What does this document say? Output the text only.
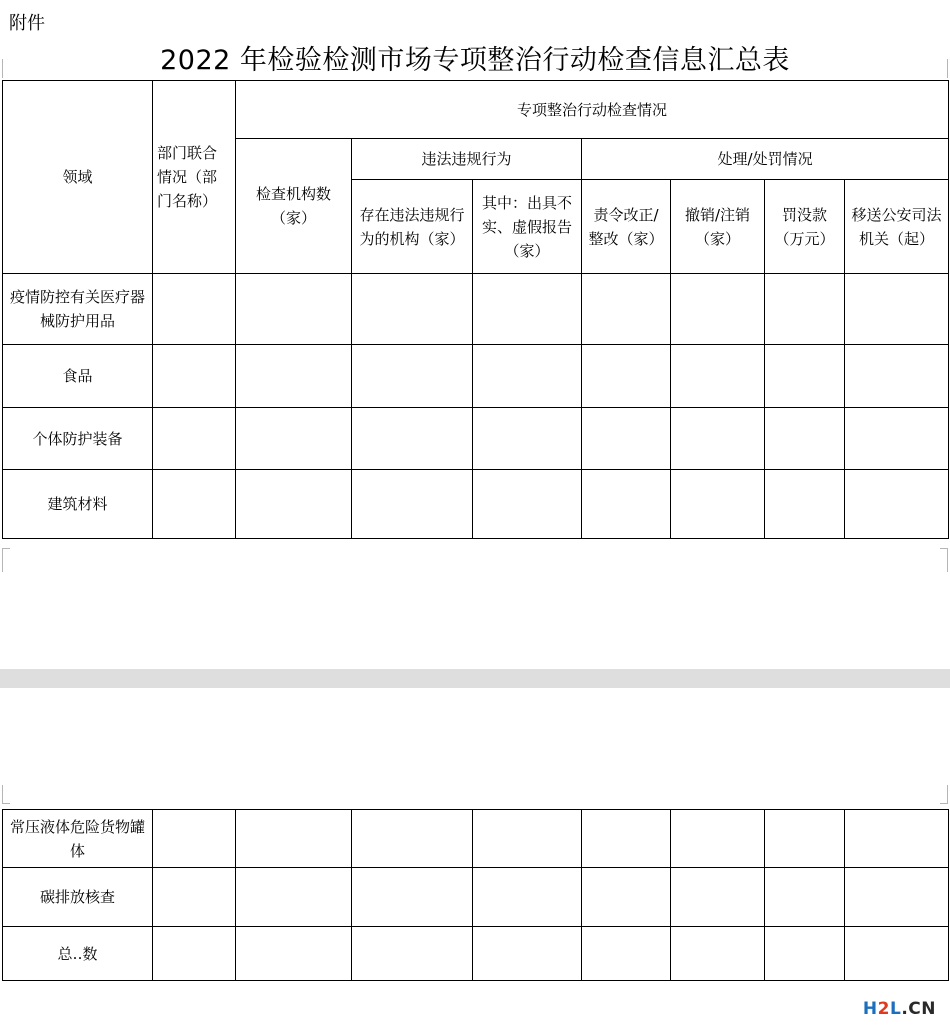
附件
2022 年检验检测市场专项整治行动检查信息汇总表
领域	部门联合情况（部门名称）	专项整治行动检查情况						
		检查机构数（家）	违法违规行为		处理/处罚情况			
			存在违法违规行为的机构（家）	其中：出具不实、虚假报告（家）	责令改正/整改（家）	撤销/注销（家）	罚没款（万元）	移送公安司法机关（起）
疫情防控有关医疗器械防护用品								
食品								
个体防护装备								
建筑材料								
常压液体危险货物罐体								
碳排放核查								
总‥数								
H2L.CN
